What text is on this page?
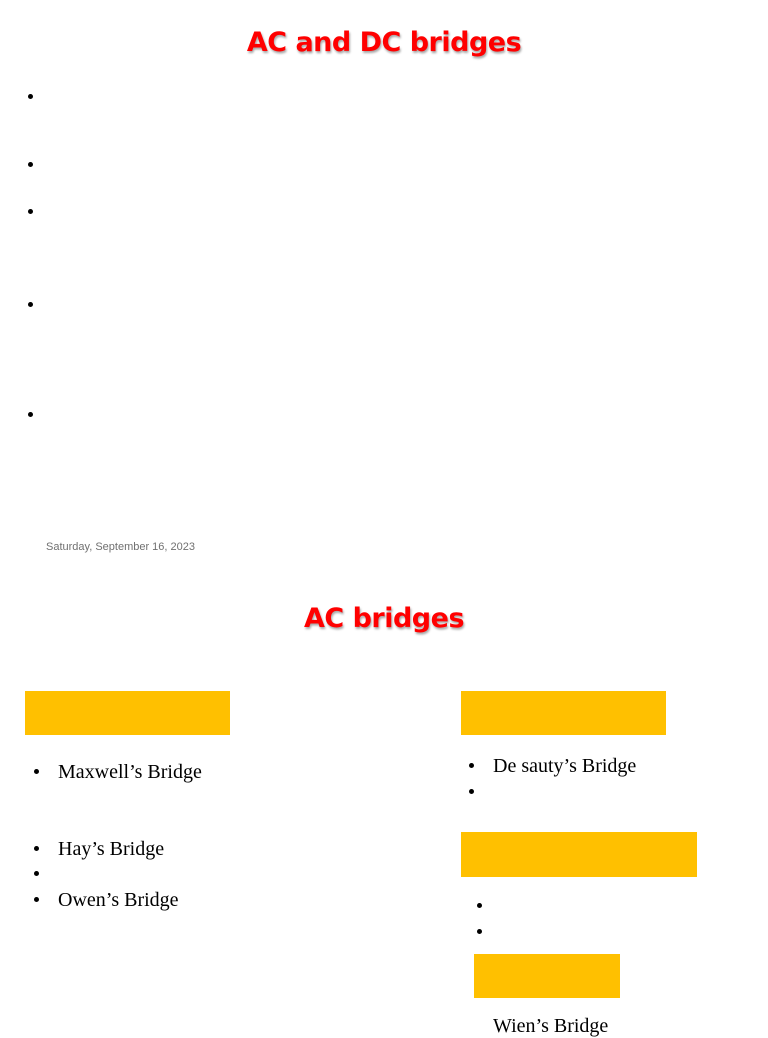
AC and DC bridges
Saturday, September 16, 2023
AC bridges
Maxwell’s Bridge
Hay’s Bridge
Owen’s Bridge
De sauty’s Bridge
Wien’s Bridge
